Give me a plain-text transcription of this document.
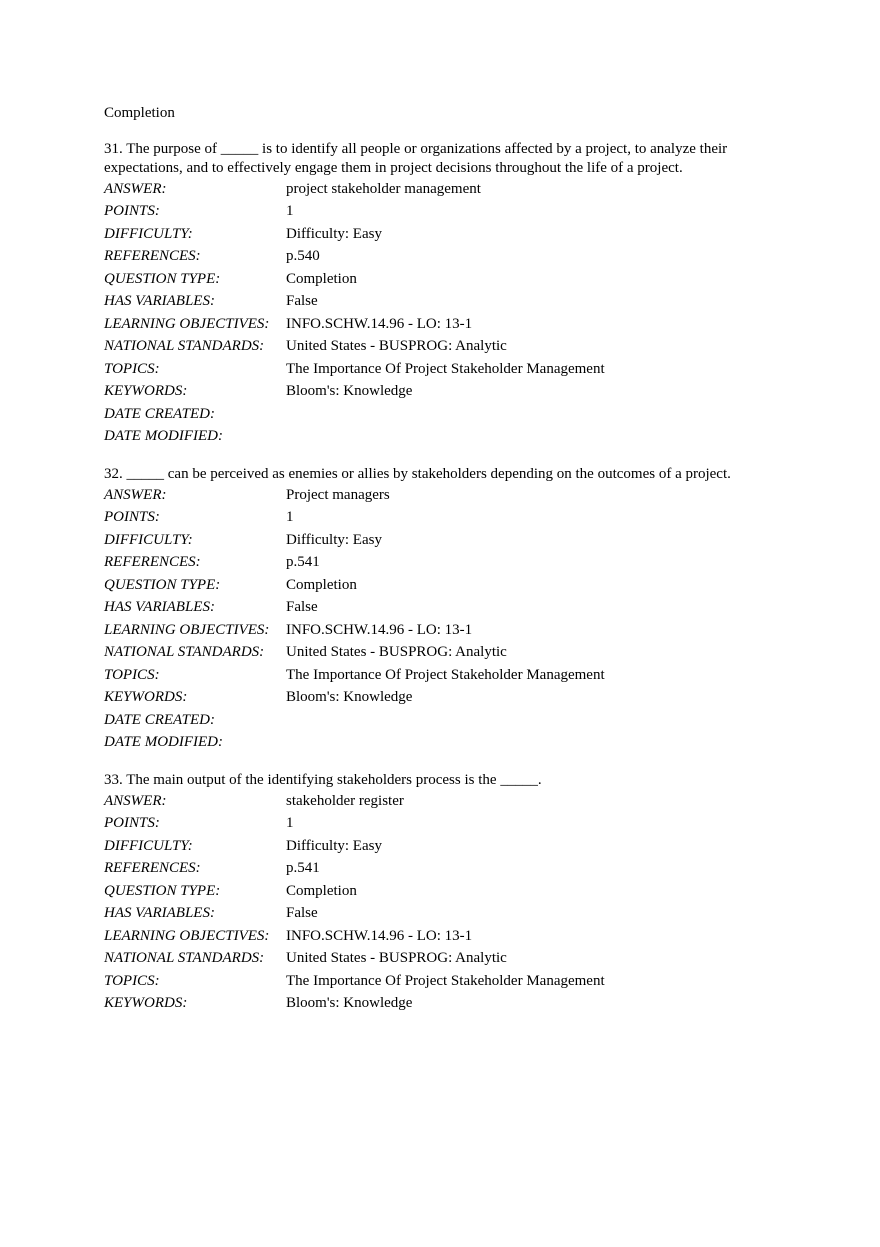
Completion

31. The purpose of _____ is to identify all people or organizations affected by a project, to analyze their expectations, and to effectively engage them in project decisions throughout the life of a project.

ANSWER:	project stakeholder management
POINTS:	1
DIFFICULTY:	Difficulty: Easy
REFERENCES:	p.540
QUESTION TYPE:	Completion
HAS VARIABLES:	False
LEARNING OBJECTIVES:	INFO.SCHW.14.96 - LO: 13-1
NATIONAL STANDARDS:	United States - BUSPROG: Analytic
TOPICS:	The Importance Of Project Stakeholder Management
KEYWORDS:	Bloom's: Knowledge
DATE CREATED:	
DATE MODIFIED:	

32. _____ can be perceived as enemies or allies by stakeholders depending on the outcomes of a project.

ANSWER:	Project managers
POINTS:	1
DIFFICULTY:	Difficulty: Easy
REFERENCES:	p.541
QUESTION TYPE:	Completion
HAS VARIABLES:	False
LEARNING OBJECTIVES:	INFO.SCHW.14.96 - LO: 13-1
NATIONAL STANDARDS:	United States - BUSPROG: Analytic
TOPICS:	The Importance Of Project Stakeholder Management
KEYWORDS:	Bloom's: Knowledge
DATE CREATED:	
DATE MODIFIED:	

33. The main output of the identifying stakeholders process is the _____.

ANSWER:	stakeholder register
POINTS:	1
DIFFICULTY:	Difficulty: Easy
REFERENCES:	p.541
QUESTION TYPE:	Completion
HAS VARIABLES:	False
LEARNING OBJECTIVES:	INFO.SCHW.14.96 - LO: 13-1
NATIONAL STANDARDS:	United States - BUSPROG: Analytic
TOPICS:	The Importance Of Project Stakeholder Management
KEYWORDS:	Bloom's: Knowledge
